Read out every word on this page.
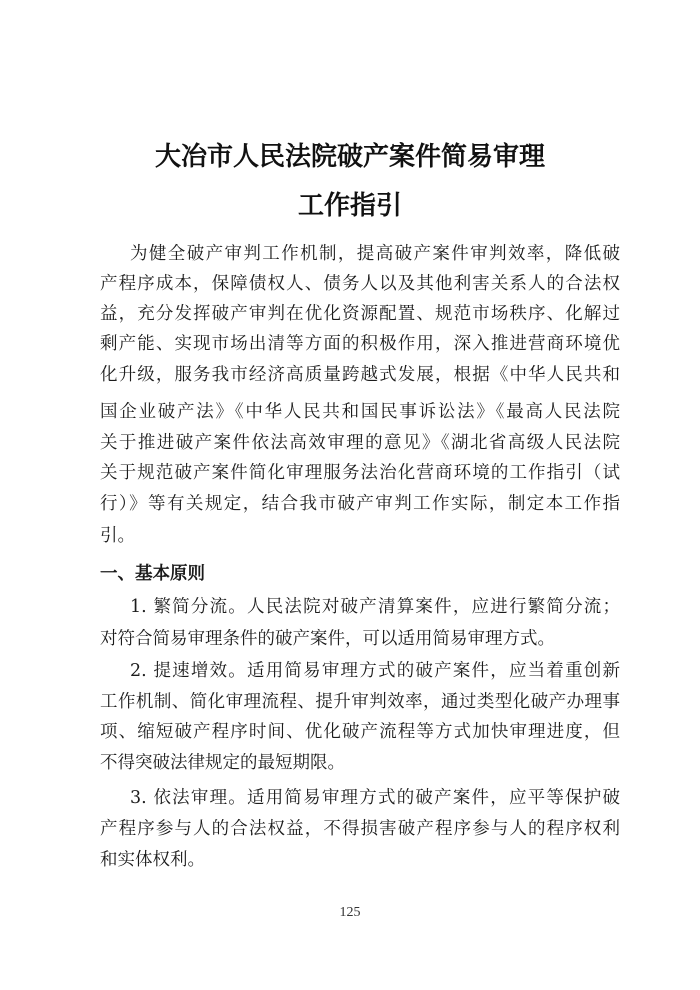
大冶市人民法院破产案件简易审理
工作指引
为健全破产审判工作机制，提高破产案件审判效率，降低破
产程序成本，保障债权人、债务人以及其他利害关系人的合法权
益，充分发挥破产审判在优化资源配置、规范市场秩序、化解过
剩产能、实现市场出清等方面的积极作用，深入推进营商环境优
化升级，服务我市经济高质量跨越式发展，根据《中华人民共和
国企业破产法》《中华人民共和国民事诉讼法》《最高人民法院
关于推进破产案件依法高效审理的意见》《湖北省高级人民法院
关于规范破产案件简化审理服务法治化营商环境的工作指引（试
行）》等有关规定，结合我市破产审判工作实际，制定本工作指
引。
一、基本原则
1. 繁简分流。人民法院对破产清算案件，应进行繁简分流；
对符合简易审理条件的破产案件，可以适用简易审理方式。
2. 提速增效。适用简易审理方式的破产案件，应当着重创新
工作机制、简化审理流程、提升审判效率，通过类型化破产办理事
项、缩短破产程序时间、优化破产流程等方式加快审理进度，但
不得突破法律规定的最短期限。
3. 依法审理。适用简易审理方式的破产案件，应平等保护破
产程序参与人的合法权益，不得损害破产程序参与人的程序权利
和实体权利。
125
